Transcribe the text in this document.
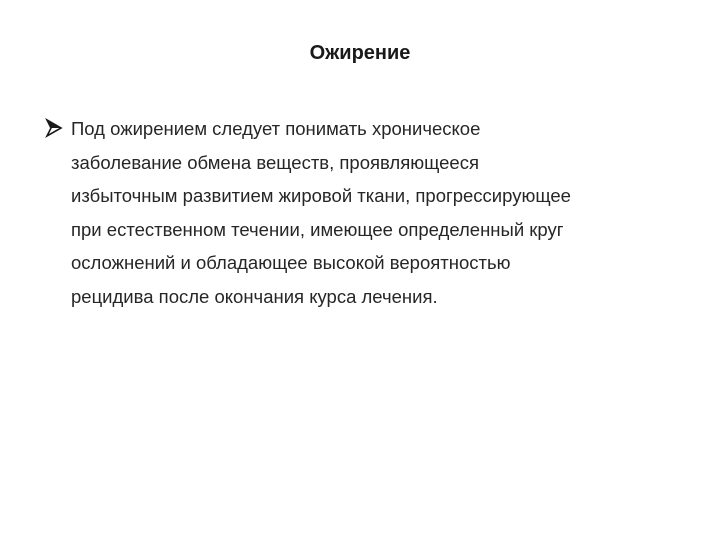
Ожирение
Под ожирением следует понимать хроническое
заболевание обмена веществ, проявляющееся
избыточным развитием жировой ткани, прогрессирующее
при естественном течении, имеющее определенный круг
осложнений и обладающее высокой вероятностью
рецидива после окончания курса лечения.
